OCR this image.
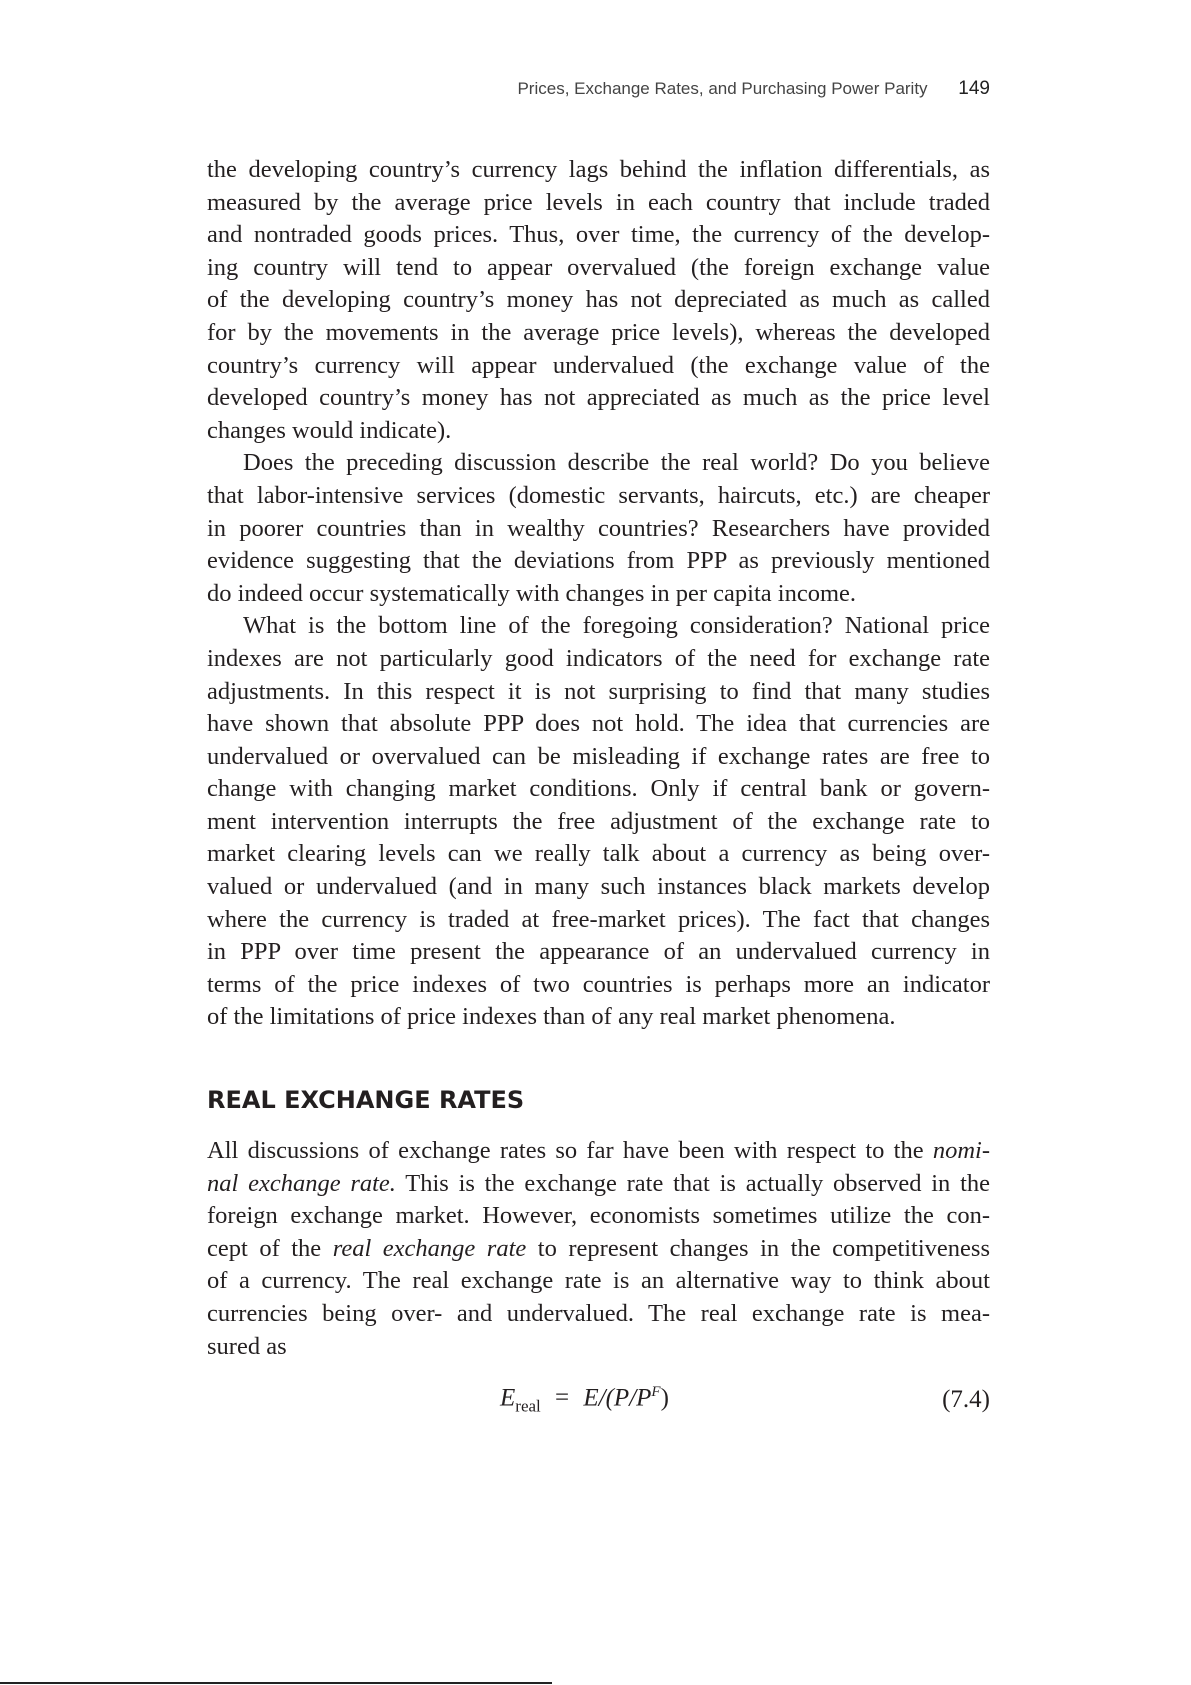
Prices, Exchange Rates, and Purchasing Power Parity 149
the developing country’s currency lags behind the inflation differentials, as
measured by the average price levels in each country that include traded
and nontraded goods prices. Thus, over time, the currency of the develop-
ing country will tend to appear overvalued (the foreign exchange value
of the developing country’s money has not depreciated as much as called
for by the movements in the average price levels), whereas the developed
country’s currency will appear undervalued (the exchange value of the
developed country’s money has not appreciated as much as the price level
changes would indicate).
Does the preceding discussion describe the real world? Do you believe
that labor-intensive services (domestic servants, haircuts, etc.) are cheaper
in poorer countries than in wealthy countries? Researchers have provided
evidence suggesting that the deviations from PPP as previously mentioned
do indeed occur systematically with changes in per capita income.
What is the bottom line of the foregoing consideration? National price
indexes are not particularly good indicators of the need for exchange rate
adjustments. In this respect it is not surprising to find that many studies
have shown that absolute PPP does not hold. The idea that currencies are
undervalued or overvalued can be misleading if exchange rates are free to
change with changing market conditions. Only if central bank or govern-
ment intervention interrupts the free adjustment of the exchange rate to
market clearing levels can we really talk about a currency as being over-
valued or undervalued (and in many such instances black markets develop
where the currency is traded at free-market prices). The fact that changes
in PPP over time present the appearance of an undervalued currency in
terms of the price indexes of two countries is perhaps more an indicator
of the limitations of price indexes than of any real market phenomena.
REAL EXCHANGE RATES
All discussions of exchange rates so far have been with respect to the nomi-
nal exchange rate. This is the exchange rate that is actually observed in the
foreign exchange market. However, economists sometimes utilize the con-
cept of the real exchange rate to represent changes in the competitiveness
of a currency. The real exchange rate is an alternative way to think about
currencies being over- and undervalued. The real exchange rate is mea-
sured as
$E_{real} = E/(P/P^F)$	(7.4)
